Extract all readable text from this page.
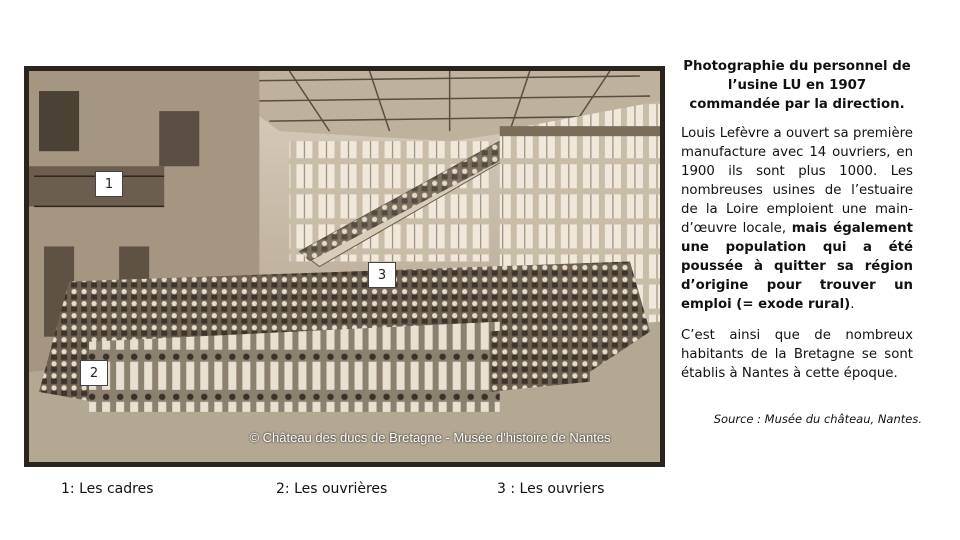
1
3
2
© Château des ducs de Bretagne - Musée d'histoire de Nantes
Photographie du personnel de l’usine LU en 1907 commandée par la direction.
Louis Lefèvre a ouvert sa première manufacture avec 14 ouvriers, en 1900 ils sont plus 1000. Les nombreuses usines de l’estuaire de la Loire emploient une main-d’œuvre locale, mais également une population qui a été poussée à quitter sa région d’origine pour trouver un emploi (= exode rural).
C’est ainsi que de nombreux habitants de la Bretagne se sont établis à Nantes à cette époque.
Source : Musée du château, Nantes.
1: Les cadres	2: Les ouvrières	3 : Les ouvriers
